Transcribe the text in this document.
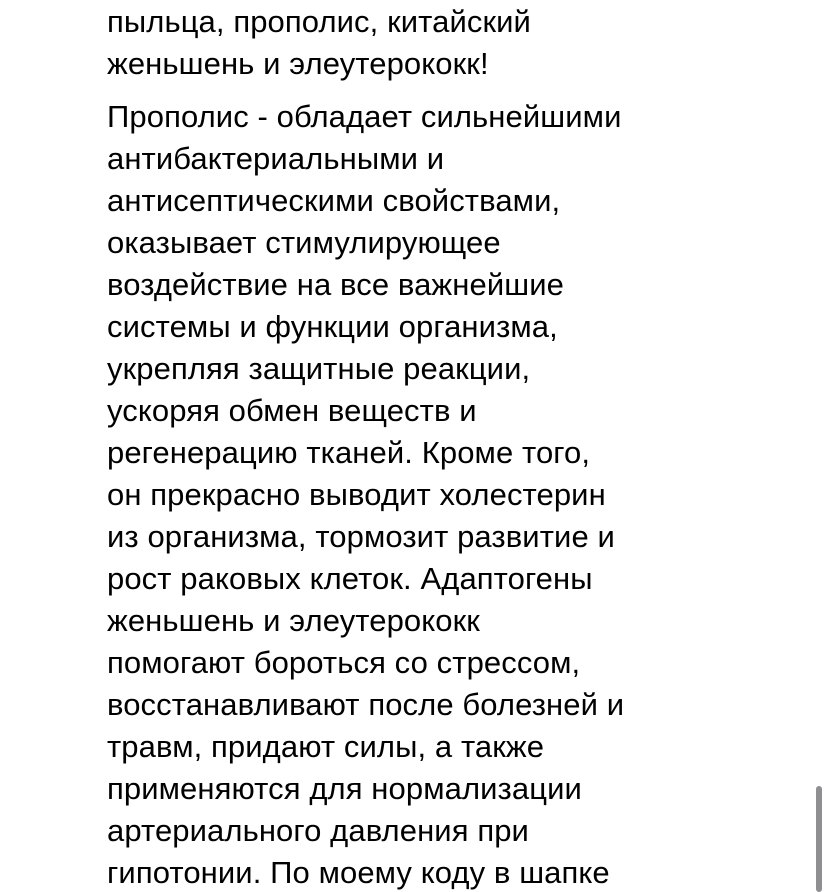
пыльца, прополис, китайский
женьшень и элеутерококк!
Прополис - обладает сильнейшими
антибактериальными и
антисептическими свойствами,
оказывает стимулирующее
воздействие на все важнейшие
системы и функции организма,
укрепляя защитные реакции,
ускоряя обмен веществ и
регенерацию тканей. Кроме того,
он прекрасно выводит холестерин
из организма, тормозит развитие и
рост раковых клеток. Адаптогены
женьшень и элеутерококк
помогают бороться со стрессом,
восстанавливают после болезней и
травм, придают силы, а также
применяются для нормализации
артериального давления при
гипотонии. По моему коду в шапке
